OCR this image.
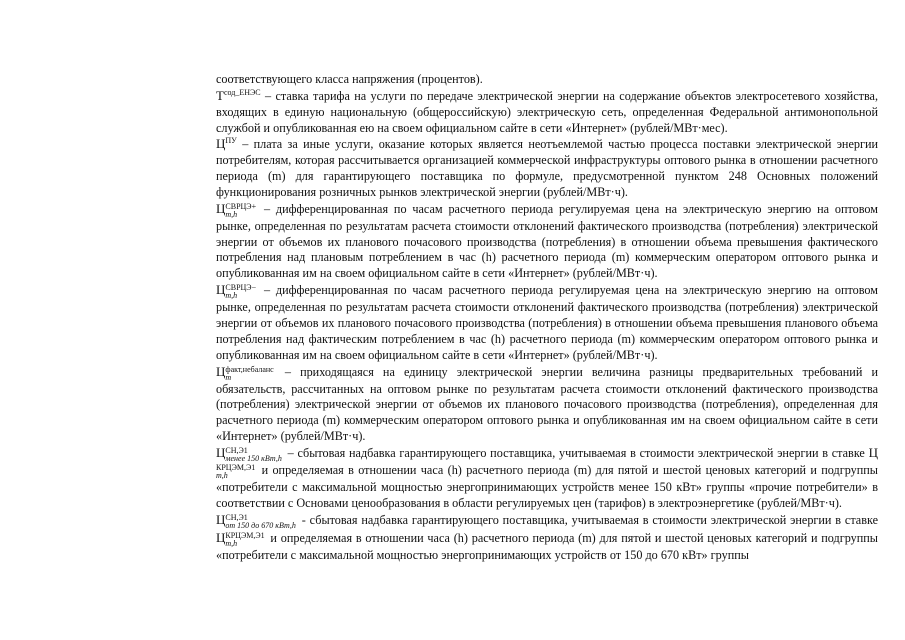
соответствующего класса напряжения (процентов).

$T^{сод\_ЕНЭС}$ – ставка тарифа на услуги по передаче электрической энергии на содержание объектов электросетевого хозяйства, входящих в единую национальную (общероссийскую) электрическую сеть, определенная Федеральной антимонопольной службой и опубликованная ею на своем официальном сайте в сети «Интернет» (рублей/МВт·мес).

$Ц^{ПУ}$ – плата за иные услуги, оказание которых является неотъемлемой частью процесса поставки электрической энергии потребителям, которая рассчитывается организацией коммерческой инфраструктуры оптового рынка в отношении расчетного периода (m) для гарантирующего поставщика по формуле, предусмотренной пунктом 248 Основных положений функционирования розничных рынков электрической энергии (рублей/МВт·ч).

Ц СВРЦЭ+
m,h	– дифференцированная по часам расчетного периода регулируемая цена на электрическую энергию на оптовом рынке, определенная по результатам расчета стоимости отклонений фактического производства (потребления) электрической энергии от объемов их планового почасового производства (потребления) в отношении объема превышения фактического потребления над плановым потреблением в час (h) расчетного периода (m) коммерческим оператором оптового рынка и опубликованная им на своем официальном сайте в сети «Интернет» (рублей/МВт·ч).

Ц СВРЦЭ−
m,h	– дифференцированная по часам расчетного периода регулируемая цена на электрическую энергию на оптовом рынке, определенная по результатам расчета стоимости отклонений фактического производства (потребления) электрической энергии от объемов их планового почасового производства (потребления) в отношении объема превышения планового объема потребления над фактическим потреблением в час (h) расчетного периода (m) коммерческим оператором оптового рынка и опубликованная им на своем официальном сайте в сети «Интернет» (рублей/МВт·ч).

Ц факт,небаланс
m	– приходящаяся на единицу электрической энергии величина разницы предварительных требований и обязательств, рассчитанных на оптовом рынке по результатам расчета стоимости отклонений фактического производства (потребления) электрической энергии от объемов их планового почасового производства (потребления), определенная для расчетного периода (m) коммерческим оператором оптового рынка и опубликованная им на своем официальном сайте в сети «Интернет» (рублей/МВт·ч).

Ц СН,Э1
менее 150 кВт,h – сбытовая надбавка гарантирующего поставщика, учитываемая в стоимости электрической энергии в ставке Ц
КРЦЭМ,Э1
m,h	и определяемая в отношении часа (h) расчетного периода (m) для пятой и шестой ценовых категорий и подгруппы «потребители с максимальной мощностью энергопринимающих устройств менее 150 кВт» группы «прочие потребители» в соответствии с Основами ценообразования в области регулируемых цен (тарифов) в электроэнергетике (рублей/МВт·ч).

Ц СН,Э1
от 150 до 670 кВт,h - сбытовая надбавка гарантирующего поставщика, учитываемая в стоимости электрической энергии в ставке Ц КРЦЭМ,Э1
m,h	и определяемая в отношении часа (h) расчетного периода (m) для пятой и шестой ценовых категорий и подгруппы «потребители с максимальной мощностью энергопринимающих устройств от 150 до 670 кВт» группы
